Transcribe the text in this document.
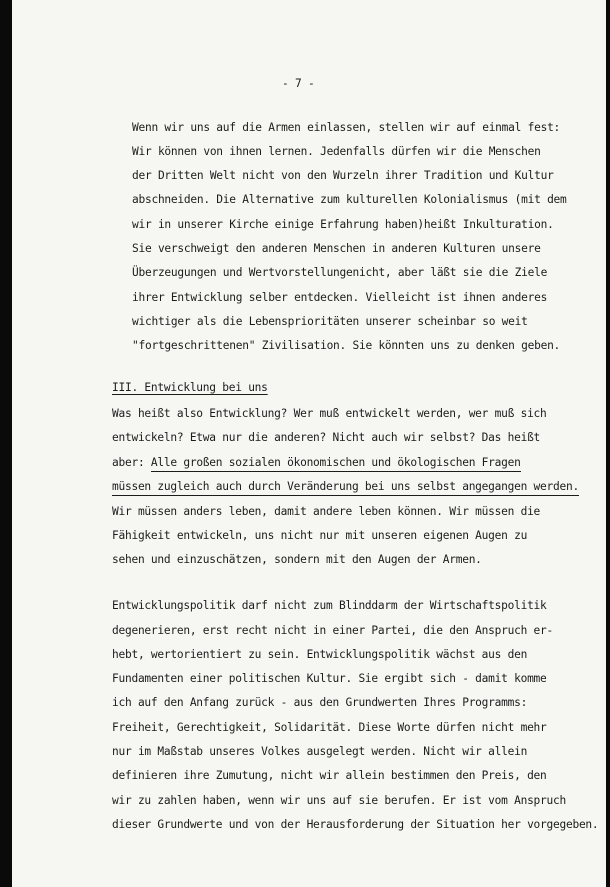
- 7 -
Wenn wir uns auf die Armen einlassen, stellen wir auf einmal fest:
Wir können von ihnen lernen. Jedenfalls dürfen wir die Menschen
der Dritten Welt nicht von den Wurzeln ihrer Tradition und Kultur
abschneiden. Die Alternative zum kulturellen Kolonialismus (mit dem
wir in unserer Kirche einige Erfahrung haben)heißt Inkulturation.
Sie verschweigt den anderen Menschen in anderen Kulturen unsere
Überzeugungen und Wertvorstellungenicht, aber läßt sie die Ziele
ihrer Entwicklung selber entdecken. Vielleicht ist ihnen anderes
wichtiger als die Lebensprioritäten unserer scheinbar so weit
"fortgeschrittenen" Zivilisation. Sie könnten uns zu denken geben.
III. Entwicklung bei uns
Was heißt also Entwicklung? Wer muß entwickelt werden, wer muß sich
entwickeln? Etwa nur die anderen? Nicht auch wir selbst? Das heißt
aber: Alle großen sozialen ökonomischen und ökologischen Fragen
müssen zugleich auch durch Veränderung bei uns selbst angegangen werden.
Wir müssen anders leben, damit andere leben können. Wir müssen die
Fähigkeit entwickeln, uns nicht nur mit unseren eigenen Augen zu
sehen und einzuschätzen, sondern mit den Augen der Armen.
Entwicklungspolitik darf nicht zum Blinddarm der Wirtschaftspolitik
degenerieren, erst recht nicht in einer Partei, die den Anspruch er-
hebt, wertorientiert zu sein. Entwicklungspolitik wächst aus den
Fundamenten einer politischen Kultur. Sie ergibt sich - damit komme
ich auf den Anfang zurück - aus den Grundwerten Ihres Programms:
Freiheit, Gerechtigkeit, Solidarität. Diese Worte dürfen nicht mehr
nur im Maßstab unseres Volkes ausgelegt werden. Nicht wir allein
definieren ihre Zumutung, nicht wir allein bestimmen den Preis, den
wir zu zahlen haben, wenn wir uns auf sie berufen. Er ist vom Anspruch
dieser Grundwerte und von der Herausforderung der Situation her vorgegeben.
